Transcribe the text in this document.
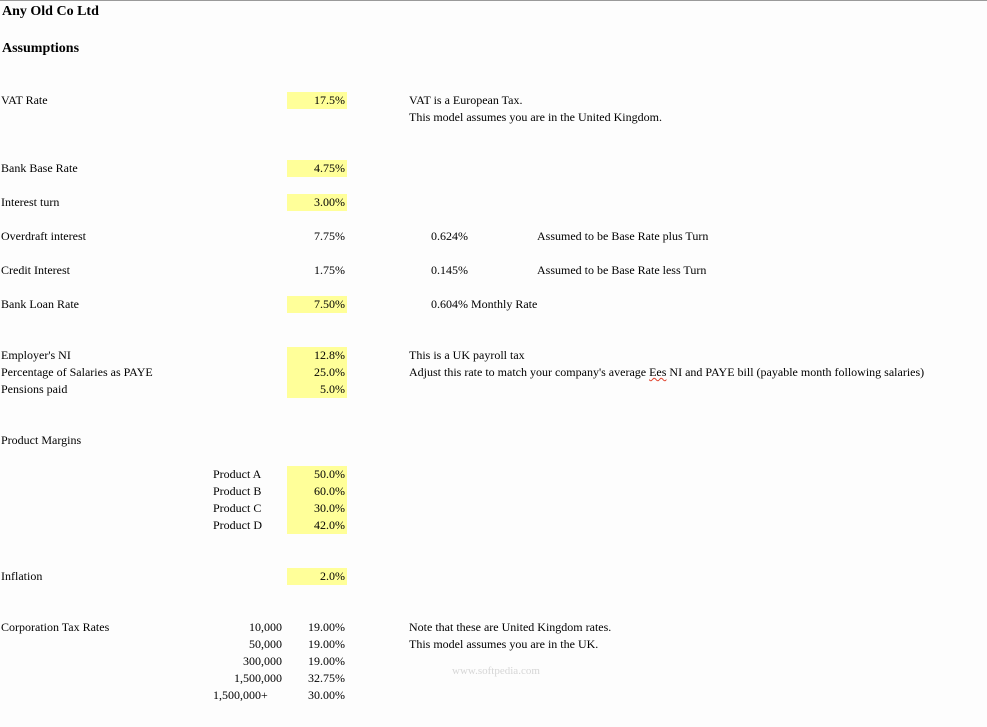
Any Old Co Ltd
Assumptions
VAT Rate	17.5%	VAT is a European Tax.
This model assumes you are in the United Kingdom.
Bank Base Rate	4.75%
Interest turn	3.00%
Overdraft interest	7.75%	0.624%	Assumed to be Base Rate plus Turn
Credit Interest	1.75%	0.145%	Assumed to be Base Rate less Turn
Bank Loan Rate	7.50%	0.604% Monthly Rate
Employer's NI	12.8%	This is a UK payroll tax
Percentage of Salaries as PAYE	25.0%	Adjust this rate to match your company's average Ees NI and PAYE bill (payable month following salaries)
Pensions paid	5.0%
Product Margins
Product A	50.0%
Product B	60.0%
Product C	30.0%
Product D	42.0%
Inflation	2.0%
Corporation Tax Rates	Note that these are United Kingdom rates.
This model assumes you are in the UK.
10,000	19.00%
50,000	19.00%
300,000	19.00%
1,500,000	32.75%
1,500,000+	30.00%
www.softpedia.com
